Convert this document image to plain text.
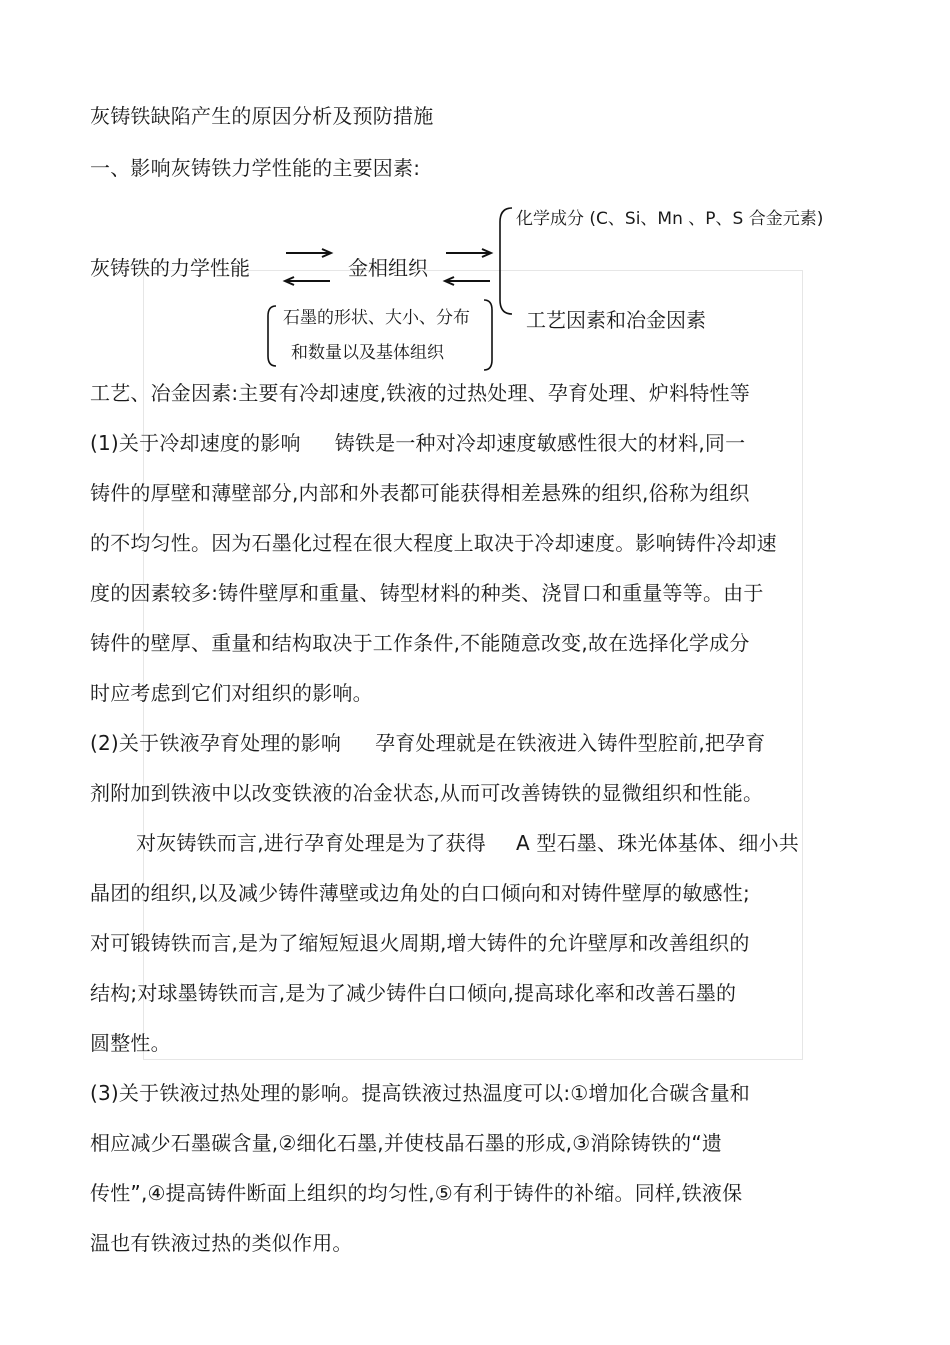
灰铸铁缺陷产生的原因分析及预防措施
一、影响灰铸铁力学性能的主要因素:
化学成分 (C、Si、Mn 、P、S 合金元素)
灰铸铁的力学性能	金相组织
工艺因素和冶金因素
石墨的形状、大小、分布
和数量以及基体组织
工艺、冶金因素:主要有冷却速度,铁液的过热处理、孕育处理、炉料特性等
(1)关于冷却速度的影响 铸铁是一种对冷却速度敏感性很大的材料,同一
铸件的厚壁和薄壁部分,内部和外表都可能获得相差悬殊的组织,俗称为组织
的不均匀性。因为石墨化过程在很大程度上取决于冷却速度。影响铸件冷却速
度的因素较多:铸件壁厚和重量、铸型材料的种类、浇冒口和重量等等。由于
铸件的壁厚、重量和结构取决于工作条件,不能随意改变,故在选择化学成分
时应考虑到它们对组织的影响。
(2)关于铁液孕育处理的影响 孕育处理就是在铁液进入铸件型腔前,把孕育
剂附加到铁液中以改变铁液的冶金状态,从而可改善铸铁的显微组织和性能。
对灰铸铁而言,进行孕育处理是为了获得 A 型石墨、珠光体基体、细小共
晶团的组织,以及减少铸件薄壁或边角处的白口倾向和对铸件壁厚的敏感性;
对可锻铸铁而言,是为了缩短短退火周期,增大铸件的允许壁厚和改善组织的
结构;对球墨铸铁而言,是为了减少铸件白口倾向,提高球化率和改善石墨的
圆整性。
(3)关于铁液过热处理的影响。提高铁液过热温度可以:①增加化合碳含量和
相应减少石墨碳含量,②细化石墨,并使枝晶石墨的形成,③消除铸铁的“遗
传性”,④提高铸件断面上组织的均匀性,⑤有利于铸件的补缩。同样,铁液保
温也有铁液过热的类似作用。
